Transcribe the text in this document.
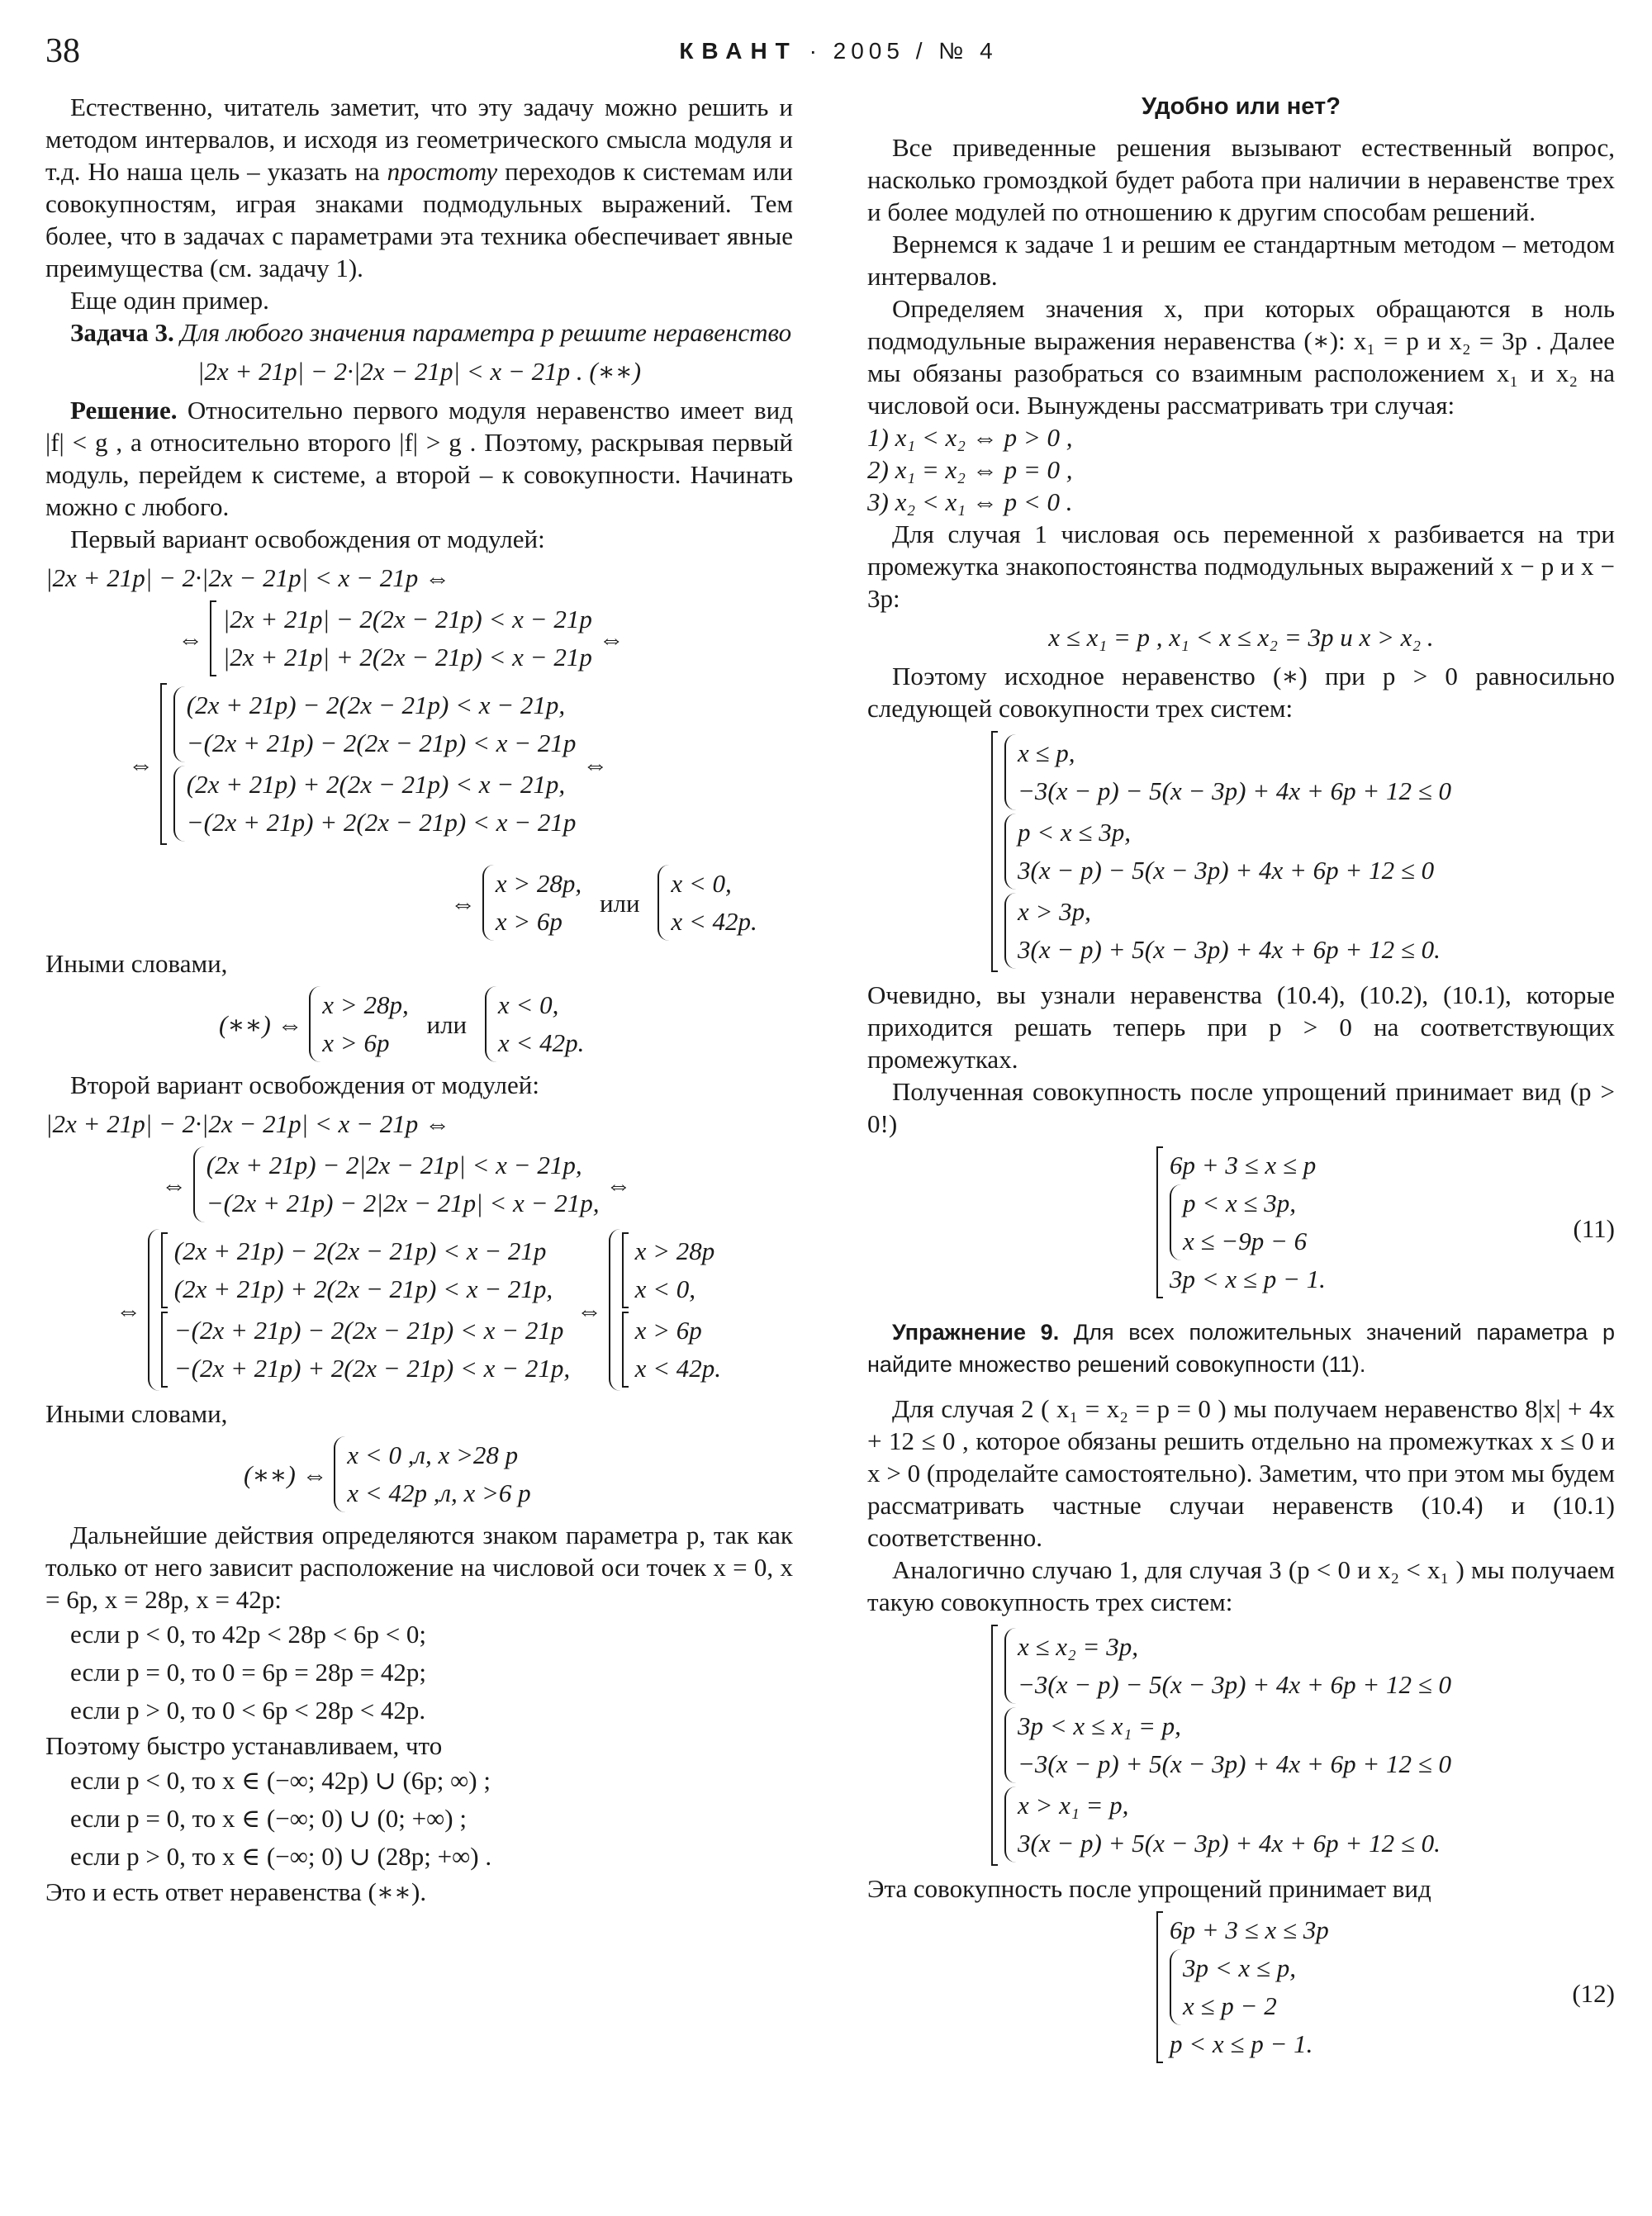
38	КВАНТ · 2005 / № 4

Естественно, читатель заметит, что эту задачу можно решить и методом интервалов, и исходя из геометрического смысла модуля и т.д. Но наша цель – указать на простоту переходов к системам или совокупностям, играя знаками подмодульных выражений. Тем более, что в задачах с параметрами эта техника обеспечивает явные преимущества (см. задачу 1).

Еще один пример.

Задача 3. Для любого значения параметра p решите неравенство

|2x + 21p| − 2·|2x − 21p| < x − 21p . (∗∗)

Решение. Относительно первого модуля неравенство имеет вид |f| < g , а относительно второго |f| > g . Поэтому, раскрывая первый модуль, перейдем к системе, а второй – к совокупности. Начинать можно с любого.

Первый вариант освобождения от модулей:

|2x + 21p| − 2·|2x − 21p| < x − 21p ⇔
⇔
|2x + 21p| − 2(2x − 21p) < x − 21p
|2x + 21p| + 2(2x − 21p) < x − 21p
⇔
⇔
(2x + 21p) − 2(2x − 21p) < x − 21p,
−(2x + 21p) − 2(2x − 21p) < x − 21p
(2x + 21p) + 2(2x − 21p) < x − 21p,
−(2x + 21p) + 2(2x − 21p) < x − 21p
⇔
⇔
x > 28p,
x > 6p
или
x < 0,
x < 42p.

Иными словами,

(∗∗) ⇔
x > 28p,
x > 6p
или
x < 0,
x < 42p.

Второй вариант освобождения от модулей:

|2x + 21p| − 2·|2x − 21p| < x − 21p ⇔
⇔
(2x + 21p) − 2|2x − 21p| < x − 21p,
−(2x + 21p) − 2|2x − 21p| < x − 21p,
⇔
⇔
(2x + 21p) − 2(2x − 21p) < x − 21p
(2x + 21p) + 2(2x − 21p) < x − 21p,
−(2x + 21p) − 2(2x − 21p) < x − 21p
−(2x + 21p) + 2(2x − 21p) < x − 21p,
⇔
x > 28p
x < 0,
x > 6p
x < 42p.

Иными словами,

(∗∗) ⇔
x < 0 ,л, x >28 p
x < 42p ,л, x >6 p

Дальнейшие действия определяются знаком параметра p, так как только от него зависит расположение на числовой оси точек x = 0, x = 6p, x = 28p, x = 42p:

если p < 0, то 42p < 28p < 6p < 0;
если p = 0, то 0 = 6p = 28p = 42p;
если p > 0, то 0 < 6p < 28p < 42p.

Поэтому быстро устанавливаем, что

если p < 0, то x ∈ (−∞; 42p) ∪ (6p; ∞) ;
если p = 0, то x ∈ (−∞; 0) ∪ (0; +∞) ;
если p > 0, то x ∈ (−∞; 0) ∪ (28p; +∞) .

Это и есть ответ неравенства (∗∗).

Удобно или нет?

Все приведенные решения вызывают естественный вопрос, насколько громоздкой будет работа при наличии в неравенстве трех и более модулей по отношению к другим способам решений.

Вернемся к задаче 1 и решим ее стандартным методом – методом интервалов.

Определяем значения x, при которых обращаются в ноль подмодульные выражения неравенства (∗): x₁ = p и x₂ = 3p . Далее мы обязаны разобраться со взаимным расположением x₁ и x₂ на числовой оси. Вынуждены рассматривать три случая:

1) x₁ < x₂ ⇔ p > 0 ,
2) x₁ = x₂ ⇔ p = 0 ,
3) x₂ < x₁ ⇔ p < 0 .

Для случая 1 числовая ось переменной x разбивается на три промежутка знакопостоянства подмодульных выражений x − p и x − 3p:

x ≤ x₁ = p , x₁ < x ≤ x₂ = 3p и x > x₂ .

Поэтому исходное неравенство (∗) при p > 0 равносильно следующей совокупности трех систем:

x ≤ p,
−3(x − p) − 5(x − 3p) + 4x + 6p + 12 ≤ 0
p < x ≤ 3p,
3(x − p) − 5(x − 3p) + 4x + 6p + 12 ≤ 0
x > 3p,
3(x − p) + 5(x − 3p) + 4x + 6p + 12 ≤ 0.

Очевидно, вы узнали неравенства (10.4), (10.2), (10.1), которые приходится решать теперь при p > 0 на соответствующих промежутках.

Полученная совокупность после упрощений принимает вид (p > 0!)

(11)
6p + 3 ≤ x ≤ p
p < x ≤ 3p,
x ≤ −9p − 6
3p < x ≤ p − 1.

Упражнение 9. Для всех положительных значений параметра p найдите множество решений совокупности (11).

Для случая 2 ( x₁ = x₂ = p = 0 ) мы получаем неравенство 8|x| + 4x + 12 ≤ 0 , которое обязаны решить отдельно на промежутках x ≤ 0 и x > 0 (проделайте самостоятельно). Заметим, что при этом мы будем рассматривать частные случаи неравенств (10.4) и (10.1) соответственно.

Аналогично случаю 1, для случая 3 (p < 0 и x₂ < x₁ ) мы получаем такую совокупность трех систем:

x ≤ x₂ = 3p,
−3(x − p) − 5(x − 3p) + 4x + 6p + 12 ≤ 0
3p < x ≤ x₁ = p,
−3(x − p) + 5(x − 3p) + 4x + 6p + 12 ≤ 0
x > x₁ = p,
3(x − p) + 5(x − 3p) + 4x + 6p + 12 ≤ 0.

Эта совокупность после упрощений принимает вид

(12)
6p + 3 ≤ x ≤ 3p
3p < x ≤ p,
x ≤ p − 2
p < x ≤ p − 1.
